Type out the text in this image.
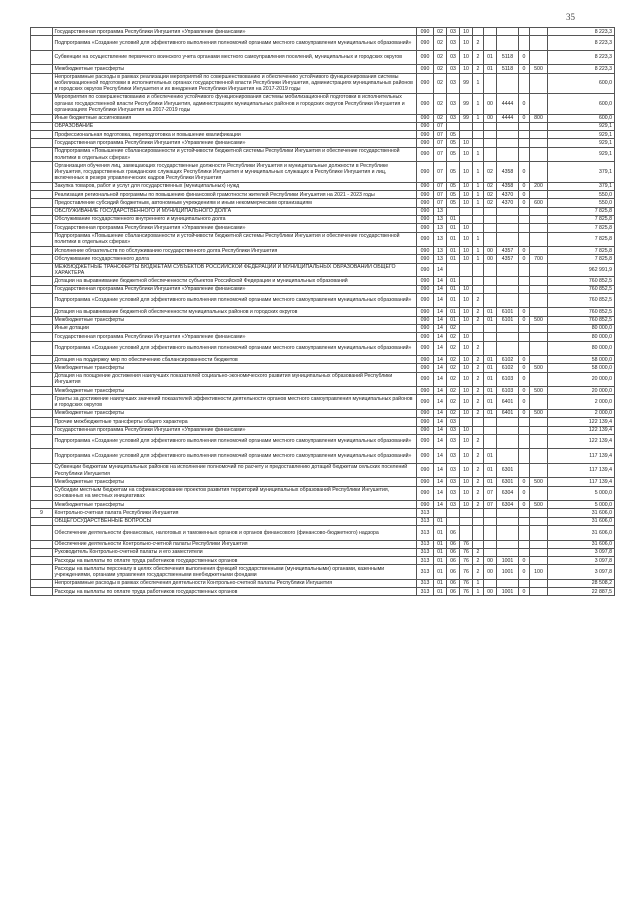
35
	Государственная программа Республики Ингушетия «Управление финансами»	090	02	03	10						8 223,3
	Подпрограмма «Создание условий для эффективного выполнения полномочий органами местного самоуправления муниципальных образований»	090	02	03	10	2					8 223,3
	Субвенции на осуществление первичного воинского учета органами местного самоуправления поселений, муниципальных и городских округов	090	02	03	10	2	01	5118	0		8 223,3
	Межбюджетные трансферты	090	02	03	10	2	01	5118	0	500	8 223,3
	Непрограммные расходы в рамках реализации мероприятий по совершенствованию и обеспечению устойчивого функционирования системы мобилизационной подготовки в исполнительных органах государственной власти Республики Ингушетия, администрациях муниципальных районов и городских округов Республики Ингушетия и их внедрения Республики Ингушетия на 2017-2019 годы	090	02	03	99	1					600,0
	Мероприятия по совершенствованию и обеспечению устойчивого функционирования системы мобилизационной подготовки в исполнительных органах государственной власти Республики Ингушетия, администрациях муниципальных районов и городских округов Республики Ингушетия и организациях Республики Ингушетия на 2017-2019 годы	090	02	03	99	1	00	4444	0		600,0
	Иные бюджетные ассигнования	090	02	03	99	1	00	4444	0	800	600,0
	ОБРАЗОВАНИЕ	090	07								929,1
	Профессиональная подготовка, переподготовка и повышение квалификации	090	07	05							929,1
	Государственная программа Республики Ингушетия «Управление финансами»	090	07	05	10						929,1
	Подпрограмма «Повышение сбалансированности и устойчивости бюджетной системы Республики Ингушетия и обеспечение государственной политики в отдельных сферах»	090	07	05	10	1					929,1
	Организация обучения лиц, замещающих государственные должности Республики Ингушетия и муниципальные должности в Республике Ингушетия, государственных гражданских служащих Республики Ингушетия и муниципальных служащих в Республике Ингушетия и лиц, включенных в резерв управленческих кадров Республики Ингушетия	090	07	05	10	1	02	4358	0		379,1
	Закупка товаров, работ и услуг для государственных (муниципальных) нужд	090	07	05	10	1	02	4358	0	200	379,1
	Реализация региональной программы по повышению финансовой грамотности жителей Республики Ингушетия на 2021 - 2023 годы	090	07	05	10	1	02	4370	0		550,0
	Предоставление субсидий бюджетным, автономным учреждениям и иным некоммерческим организациям	090	07	05	10	1	02	4370	0	600	550,0
	ОБСЛУЖИВАНИЕ ГОСУДАРСТВЕННОГО И МУНИЦИПАЛЬНОГО ДОЛГА	090	13								7 825,8
	Обслуживание государственного внутреннего и муниципального долга	090	13	01							7 825,8
	Государственная программа Республики Ингушетия «Управление финансами»	090	13	01	10						7 825,8
	Подпрограмма «Повышение сбалансированности и устойчивости бюджетной системы Республики Ингушетия и обеспечение государственной политики в отдельных сферах»	090	13	01	10	1					7 825,8
	Исполнение обязательств по обслуживанию государственного долга Республики Ингушетия	090	13	01	10	1	00	4357	0		7 825,8
	Обслуживание государственного долга	090	13	01	10	1	00	4357	0	700	7 825,8
	МЕЖБЮДЖЕТНЫЕ ТРАНСФЕРТЫ БЮДЖЕТАМ СУБЪЕКТОВ РОССИЙСКОЙ ФЕДЕРАЦИИ И МУНИЦИПАЛЬНЫХ ОБРАЗОВАНИЙ ОБЩЕГО ХАРАКТЕРА	090	14								962 991,9
	Дотации на выравнивание бюджетной обеспеченности субъектов Российской Федерации и муниципальных образований	090	14	01							760 852,5
	Государственная программа Республики Ингушетия «Управление финансами»	090	14	01	10						760 852,5
	Подпрограмма «Создание условий для эффективного выполнения полномочий органами местного самоуправления муниципальных образований»	090	14	01	10	2					760 852,5
	Дотация на выравнивание бюджетной обеспеченности муниципальных районов и городских округов	090	14	01	10	2	01	6101	0		760 852,5
	Межбюджетные трансферты	090	14	01	10	2	01	6101	0	500	760 852,5
	Иные дотации	090	14	02							80 000,0
	Государственная программа Республики Ингушетия «Управление финансами»	090	14	02	10						80 000,0
	Подпрограмма «Создание условий для эффективного выполнения полномочий органами местного самоуправления муниципальных образований»	090	14	02	10	2					80 000,0
	Дотация на поддержку мер по обеспечению сбалансированности бюджетов	090	14	02	10	2	01	6102	0		58 000,0
	Межбюджетные трансферты	090	14	02	10	2	01	6102	0	500	58 000,0
	Дотация на поощрение достижения наилучших показателей социально-экономического развития муниципальных образований Республики Ингушетия	090	14	02	10	2	01	6103	0		20 000,0
	Межбюджетные трансферты	090	14	02	10	2	01	6103	0	500	20 000,0
	Гранты за достижение наилучших значений показателей эффективности деятельности органов местного самоуправления муниципальных районов и городских округов	090	14	02	10	2	01	6401	0		2 000,0
	Межбюджетные трансферты	090	14	02	10	2	01	6401	0	500	2 000,0
	Прочие межбюджетные трансферты общего характера	090	14	03							122 139,4
	Государственная программа Республики Ингушетия «Управление финансами»	090	14	03	10						122 139,4
	Подпрограмма «Создание условий для эффективного выполнения полномочий органами местного самоуправления муниципальных образований»	090	14	03	10	2					122 139,4
	Подпрограмма «Создание условий для эффективного выполнения полномочий органами местного самоуправления муниципальных образований»	090	14	03	10	2	01				117 139,4
	Субвенции бюджетам муниципальных районов на исполнение полномочий по расчету и предоставлению дотаций бюджетам сельских поселений Республики Ингушетия	090	14	03	10	2	01	6301			117 139,4
	Межбюджетные трансферты	090	14	03	10	2	01	6301	0	500	117 139,4
	Субсидии местным бюджетам на софинансирование проектов развития территорий муниципальных образований Республики Ингушетия, основанных на местных инициативах	090	14	03	10	2	07	6304	0		5 000,0
	Межбюджетные трансферты	090	14	03	10	2	07	6304	0	500	5 000,0
9	Контрольно-счетная палата Республики Ингушетия	313									31 606,0
	ОБЩЕГОСУДАРСТВЕННЫЕ ВОПРОСЫ	313	01								31 606,0
	Обеспечение деятельности финансовых, налоговых и таможенных органов и органов финансового (финансово-бюджетного) надзора	313	01	06							31 606,0
	Обеспечение деятельности Контрольно-счетной палаты Республики Ингушетия	313	01	06	76						31 606,0
	Руководитель Контрольно-счетной палаты и его заместители	313	01	06	76	2					3 097,8
	Расходы на выплаты по оплате труда работников государственных органов	313	01	06	76	2	00	1001	0		3 097,8
	Расходы на выплаты персоналу в целях обеспечения выполнения функций государственными (муниципальными) органами, казенными учреждениями, органами управления государственными внебюджетными фондами	313	01	06	76	2	00	1001	0	100	3 097,8
	Непрограммные расходы в рамках обеспечения деятельности Контрольно-счетной палаты Республики Ингушетия	313	01	06	76	1					28 508,2
	Расходы на выплаты по оплате труда работников государственных органов	313	01	06	76	1	00	1001	0		22 887,5
